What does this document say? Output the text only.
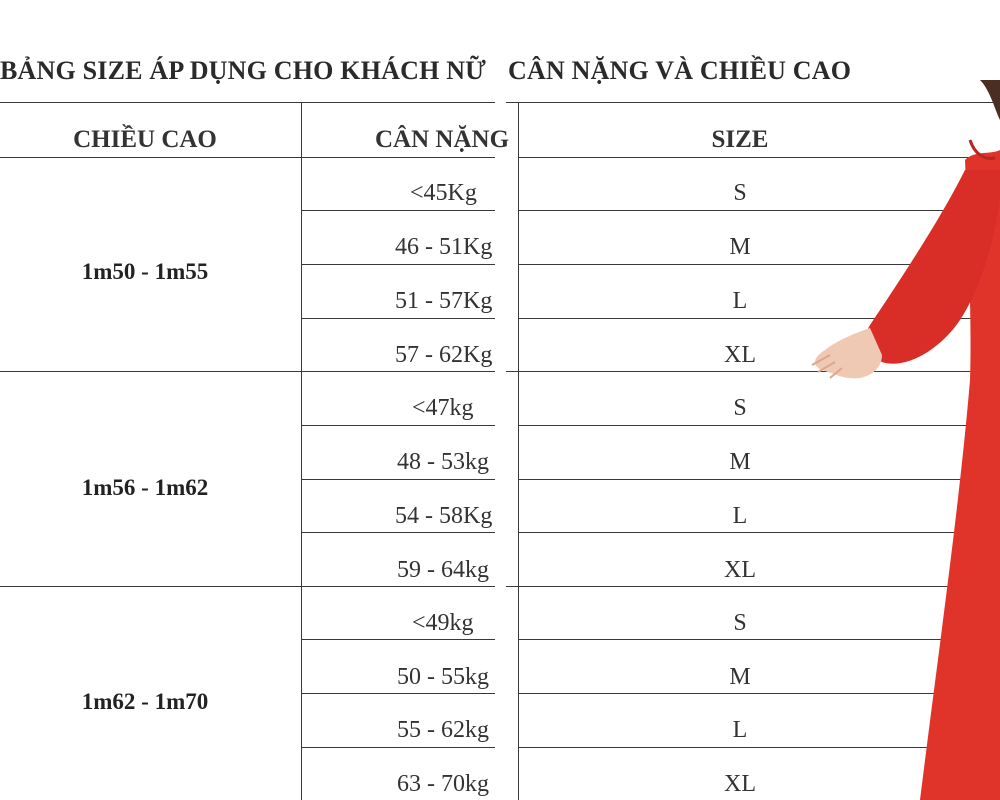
BẢNG SIZE ÁP DỤNG CHO KHÁCH NỮ CÂN NẶNG VÀ CHIỀU CAO
CHIỀU CAO	CÂN NẶNG
1m50 - 1m55
<45Kg
46 - 51Kg
51 - 57Kg
57 - 62Kg
1m56 - 1m62
<47kg
48 - 53kg
54 - 58Kg
59 - 64kg
1m62 - 1m70
<49kg
50 - 55kg
55 - 62kg
63 - 70kg
SIZE
S
M
L
XL
S
M
L
XL
S
M
L
XL
